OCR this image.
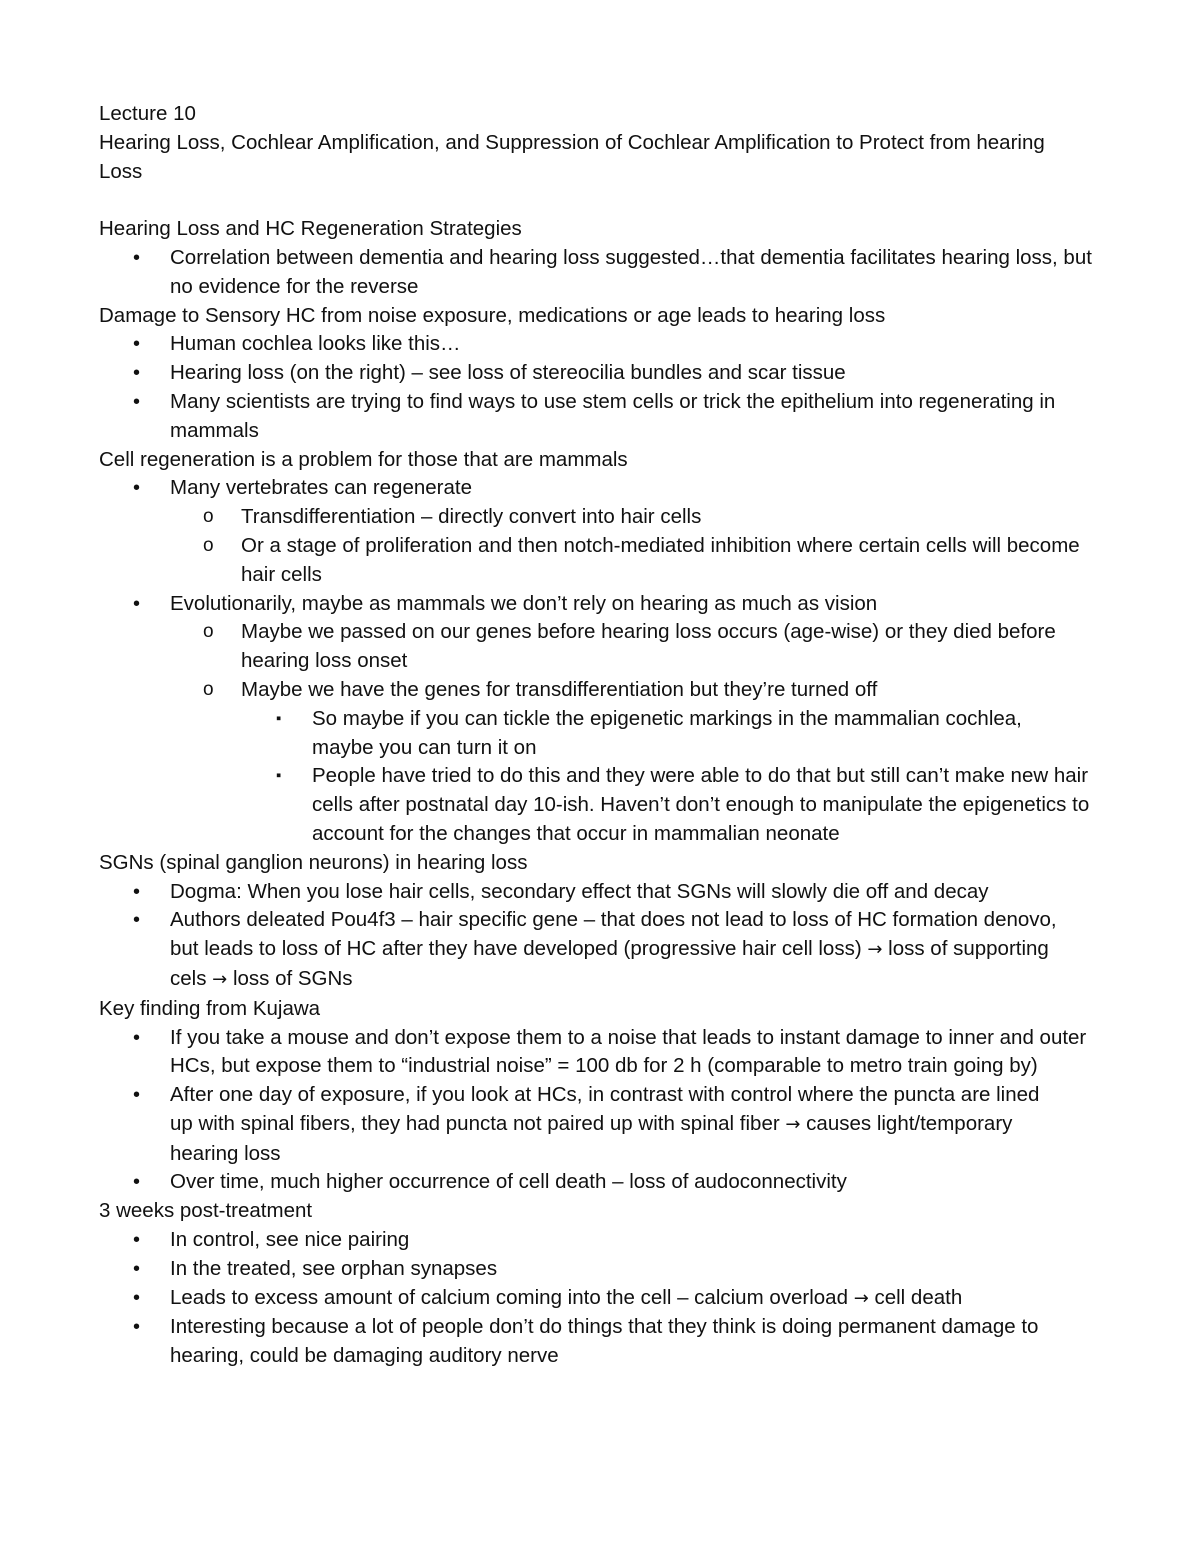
Lecture 10
Hearing Loss, Cochlear Amplification, and Suppression of Cochlear Amplification to Protect from hearing
Loss
Hearing Loss and HC Regeneration Strategies
• Correlation between dementia and hearing loss suggested…that dementia facilitates hearing loss, but no evidence for the reverse
Damage to Sensory HC from noise exposure, medications or age leads to hearing loss
• Human cochlea looks like this…
• Hearing loss (on the right) – see loss of stereocilia bundles and scar tissue
• Many scientists are trying to find ways to use stem cells or trick the epithelium into regenerating in mammals
Cell regeneration is a problem for those that are mammals
• Many vertebrates can regenerate
o Transdifferentiation – directly convert into hair cells
o Or a stage of proliferation and then notch-mediated inhibition where certain cells will become hair cells
• Evolutionarily, maybe as mammals we don’t rely on hearing as much as vision
o Maybe we passed on our genes before hearing loss occurs (age-wise) or they died before hearing loss onset
o Maybe we have the genes for transdifferentiation but they’re turned off
▪ So maybe if you can tickle the epigenetic markings in the mammalian cochlea, maybe you can turn it on
▪ People have tried to do this and they were able to do that but still can’t make new hair cells after postnatal day 10-ish. Haven’t don’t enough to manipulate the epigenetics to account for the changes that occur in mammalian neonate
SGNs (spinal ganglion neurons) in hearing loss
• Dogma: When you lose hair cells, secondary effect that SGNs will slowly die off and decay
• Authors deleated Pou4f3 – hair specific gene – that does not lead to loss of HC formation denovo,
but leads to loss of HC after they have developed (progressive hair cell loss) → loss of supporting
cels → loss of SGNs
Key finding from Kujawa
• If you take a mouse and don’t expose them to a noise that leads to instant damage to inner and outer HCs, but expose them to “industrial noise” = 100 db for 2 h (comparable to metro train going by)
• After one day of exposure, if you look at HCs, in contrast with control where the puncta are lined
up with spinal fibers, they had puncta not paired up with spinal fiber → causes light/temporary
hearing loss
• Over time, much higher occurrence of cell death – loss of audoconnectivity
3 weeks post-treatment
• In control, see nice pairing
• In the treated, see orphan synapses
• Leads to excess amount of calcium coming into the cell – calcium overload → cell death
• Interesting because a lot of people don’t do things that they think is doing permanent damage to hearing, could be damaging auditory nerve
